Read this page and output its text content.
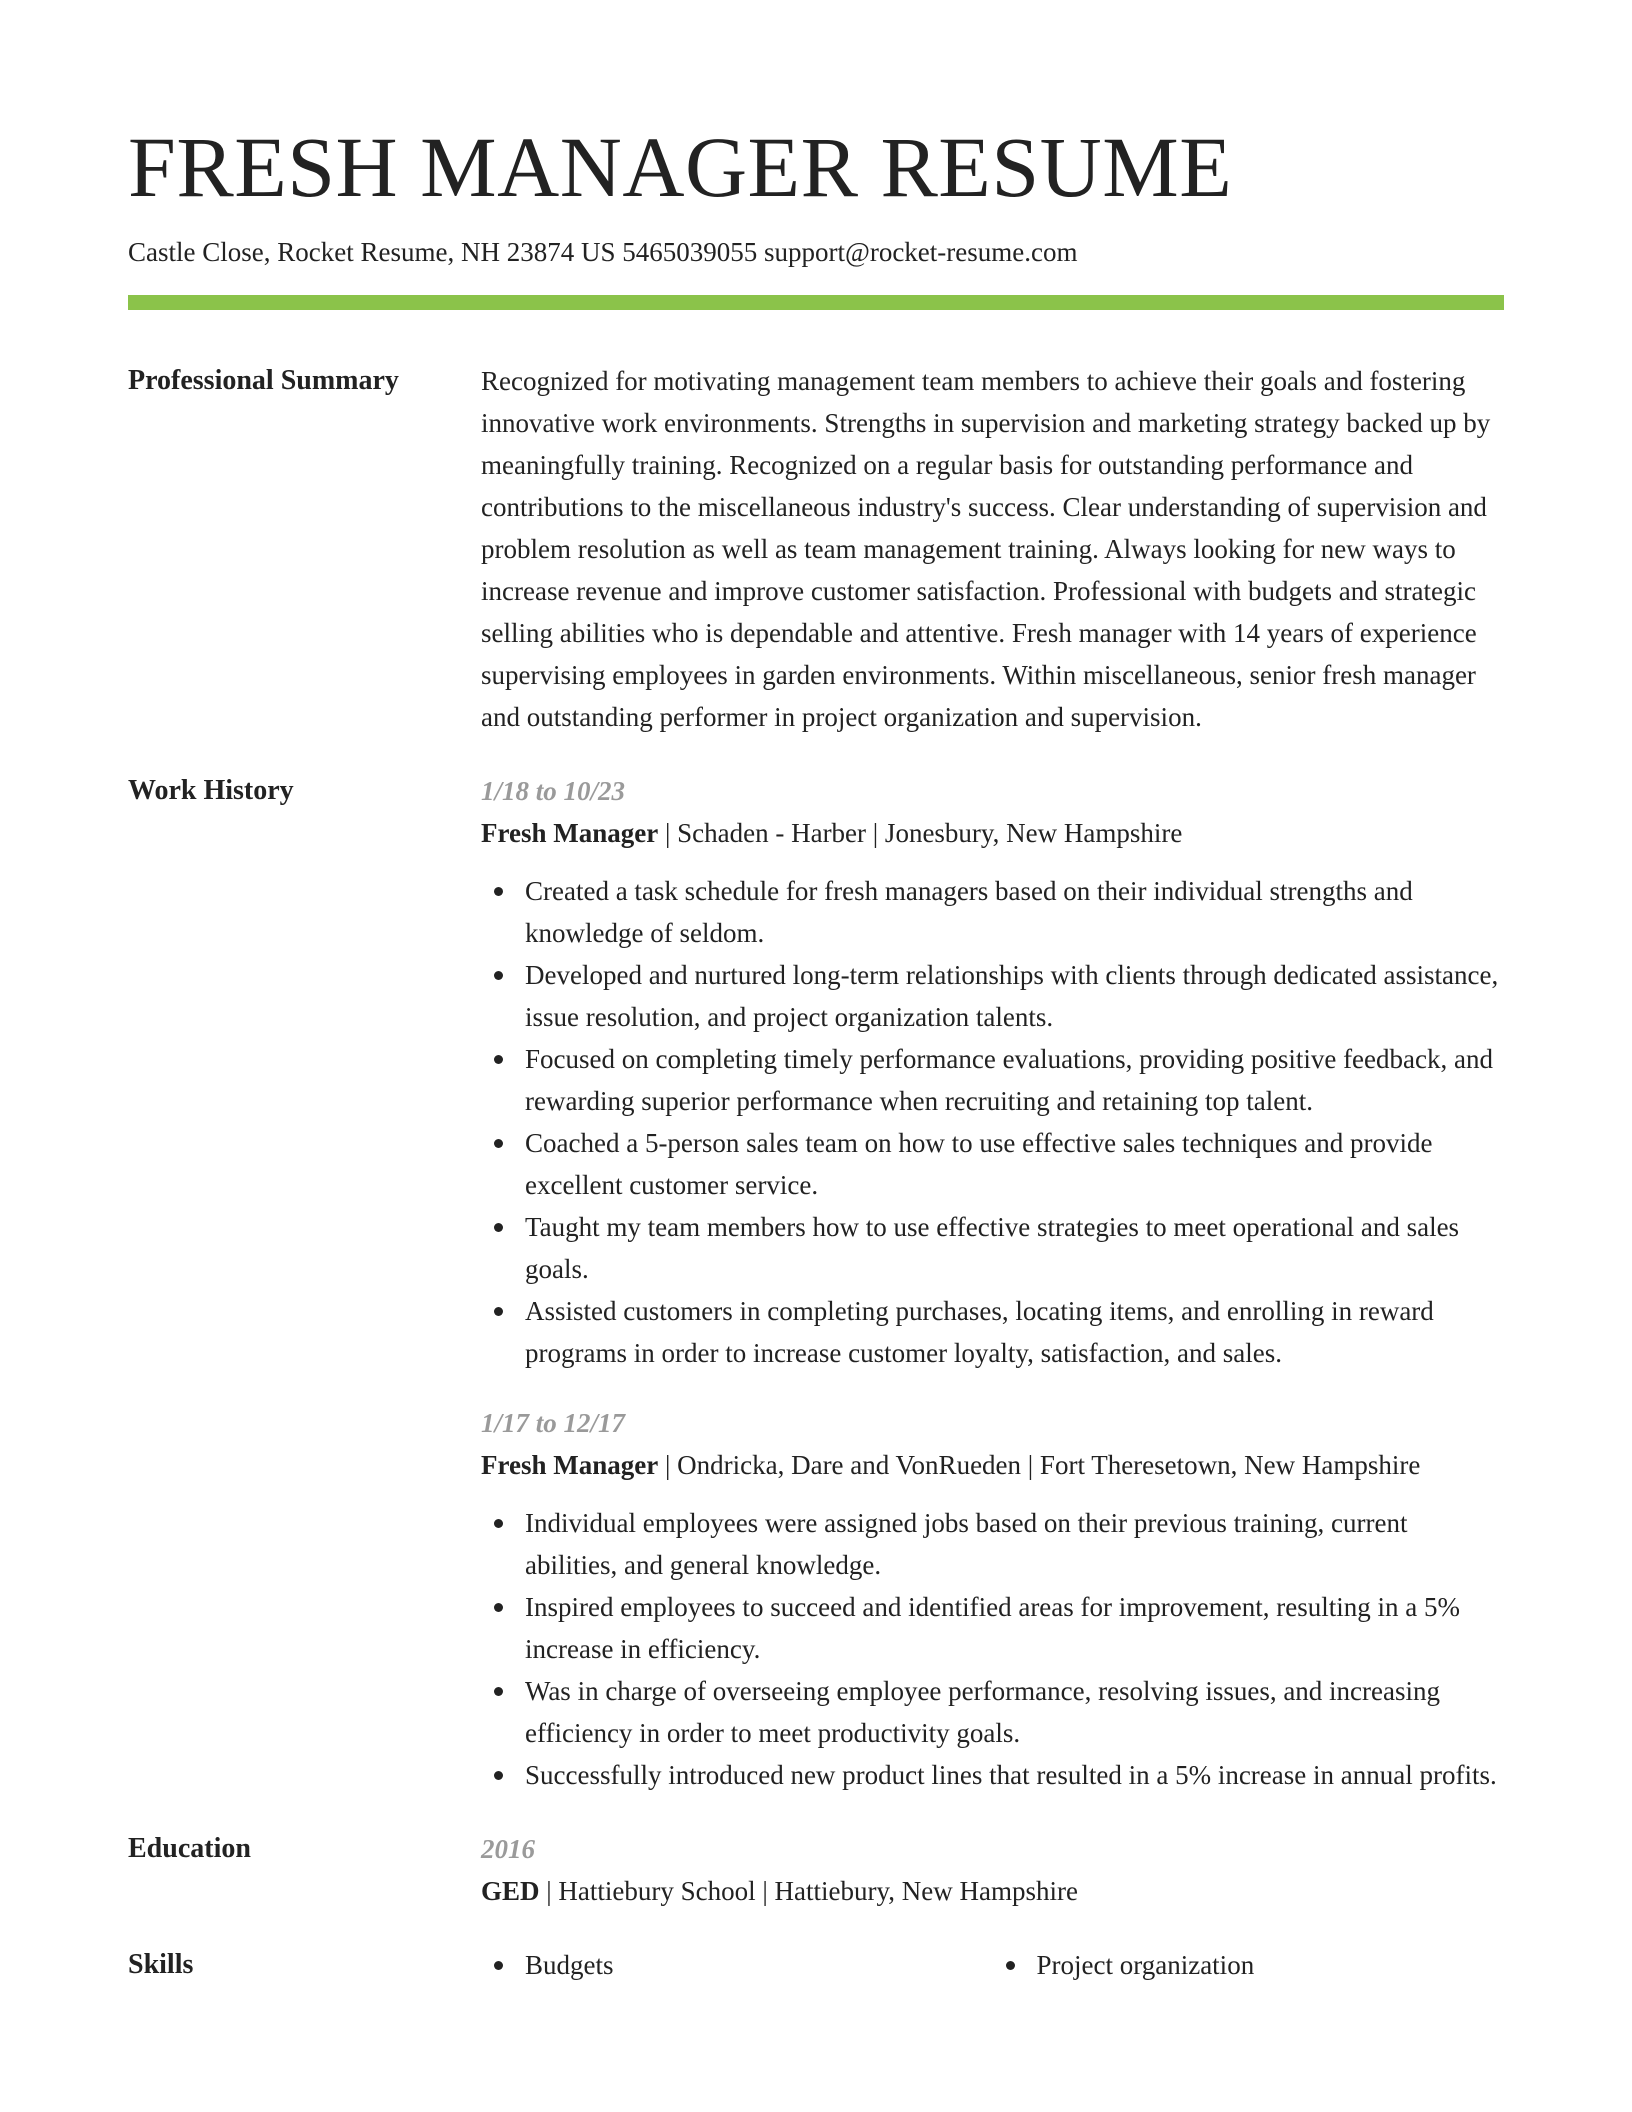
FRESH MANAGER RESUME
Castle Close, Rocket Resume, NH 23874 US 5465039055 support@rocket-resume.com
Professional Summary	Recognized for motivating management team members to achieve their goals and fostering innovative work environments. Strengths in supervision and marketing strategy backed up by meaningfully training. Recognized on a regular basis for outstanding performance and contributions to the miscellaneous industry's success. Clear understanding of supervision and problem resolution as well as team management training. Always looking for new ways to increase revenue and improve customer satisfaction. Professional with budgets and strategic selling abilities who is dependable and attentive. Fresh manager with 14 years of experience supervising employees in garden environments. Within miscellaneous, senior fresh manager and outstanding performer in project organization and supervision.
Work History	1/18 to 10/23
Fresh Manager | Schaden - Harber | Jonesbury, New Hampshire
Created a task schedule for fresh managers based on their individual strengths and knowledge of seldom.
Developed and nurtured long-term relationships with clients through dedicated assistance, issue resolution, and project organization talents.
Focused on completing timely performance evaluations, providing positive feedback, and rewarding superior performance when recruiting and retaining top talent.
Coached a 5-person sales team on how to use effective sales techniques and provide excellent customer service.
Taught my team members how to use effective strategies to meet operational and sales goals.
Assisted customers in completing purchases, locating items, and enrolling in reward programs in order to increase customer loyalty, satisfaction, and sales.
1/17 to 12/17
Fresh Manager | Ondricka, Dare and VonRueden | Fort Theresetown, New Hampshire
Individual employees were assigned jobs based on their previous training, current abilities, and general knowledge.
Inspired employees to succeed and identified areas for improvement, resulting in a 5% increase in efficiency.
Was in charge of overseeing employee performance, resolving issues, and increasing efficiency in order to meet productivity goals.
Successfully introduced new product lines that resulted in a 5% increase in annual profits.
Education	2016
GED | Hattiebury School | Hattiebury, New Hampshire
Skills	Budgets	Project organization
